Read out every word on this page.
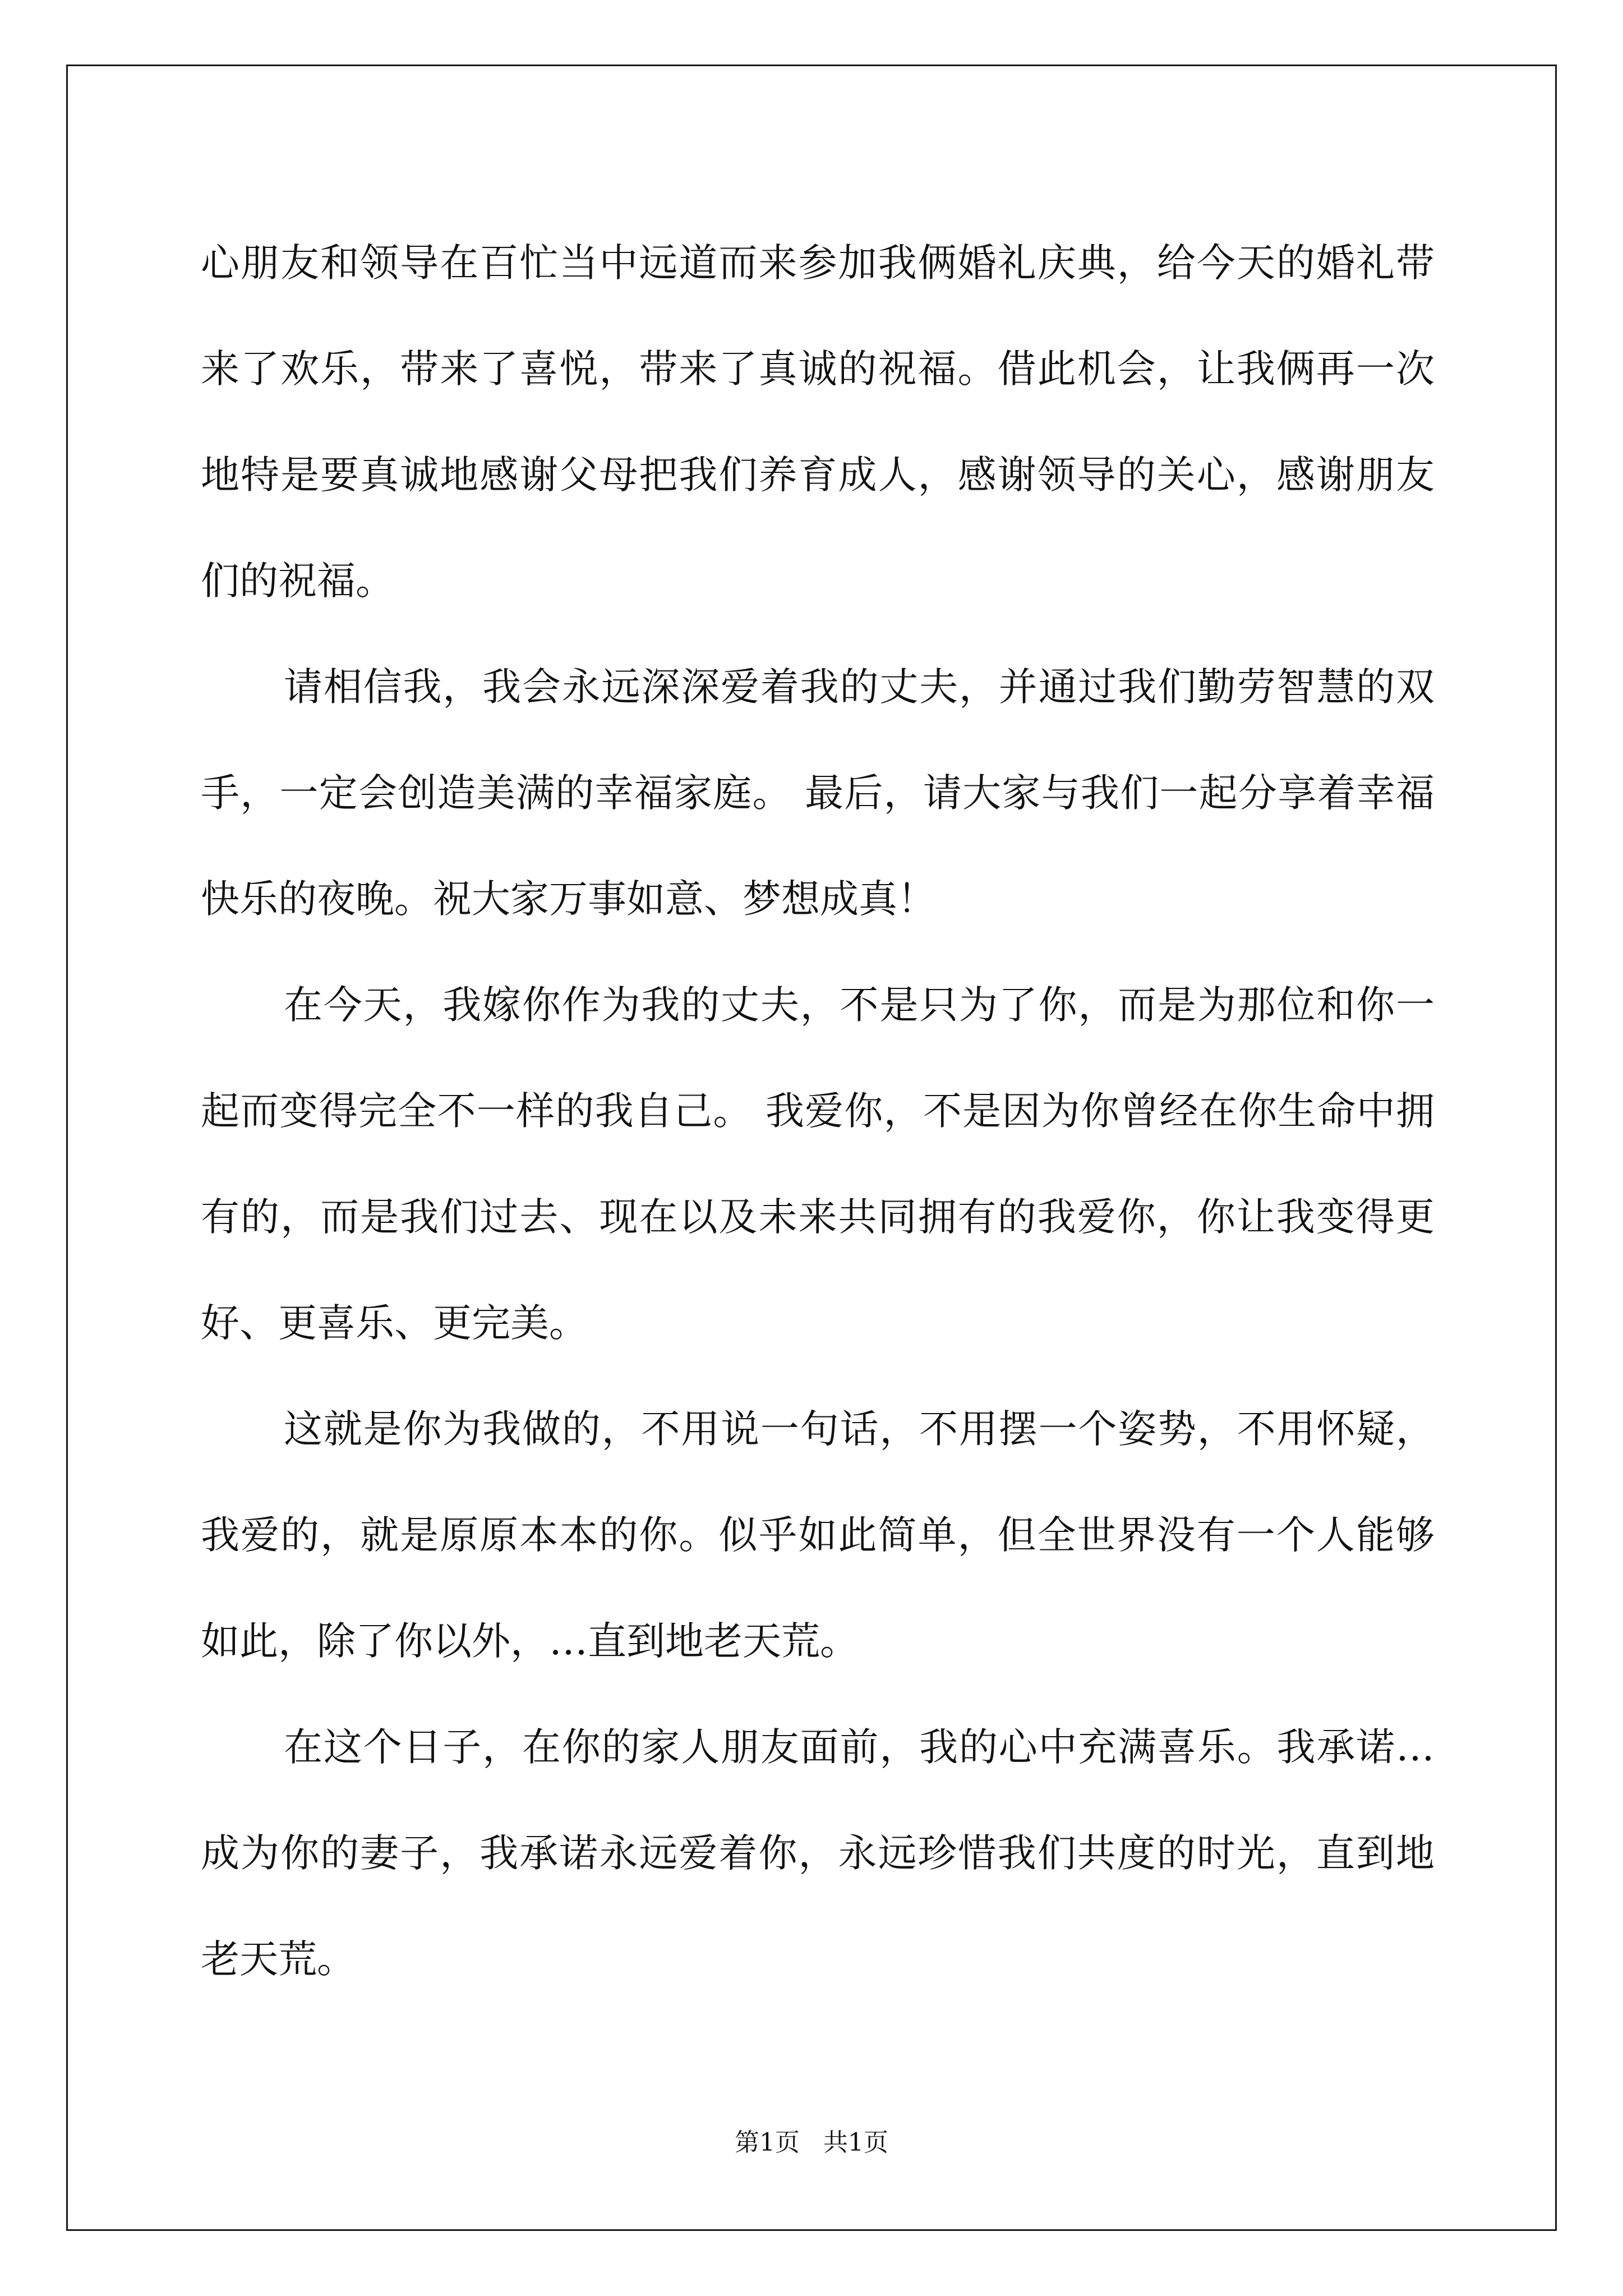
心朋友和领导在百忙当中远道而来参加我俩婚礼庆典，给今天的婚礼带来了欢乐，带来了喜悦，带来了真诚的祝福。借此机会，让我俩再一次地特是要真诚地感谢父母把我们养育成人，感谢领导的关心，感谢朋友们的祝福。

请相信我，我会永远深深爱着我的丈夫，并通过我们勤劳智慧的双手，一定会创造美满的幸福家庭。 最后，请大家与我们一起分享着幸福快乐的夜晚。祝大家万事如意、梦想成真！

在今天，我嫁你作为我的丈夫，不是只为了你，而是为那位和你一起而变得完全不一样的我自己。 我爱你，不是因为你曾经在你生命中拥有的，而是我们过去、现在以及未来共同拥有的我爱你，你让我变得更好、更喜乐、更完美。

这就是你为我做的，不用说一句话，不用摆一个姿势，不用怀疑，我爱的，就是原原本本的你。似乎如此简单，但全世界没有一个人能够如此，除了你以外，…直到地老天荒。

在这个日子，在你的家人朋友面前，我的心中充满喜乐。我承诺…成为你的妻子，我承诺永远爱着你，永远珍惜我们共度的时光，直到地老天荒。

第1页   共1页
